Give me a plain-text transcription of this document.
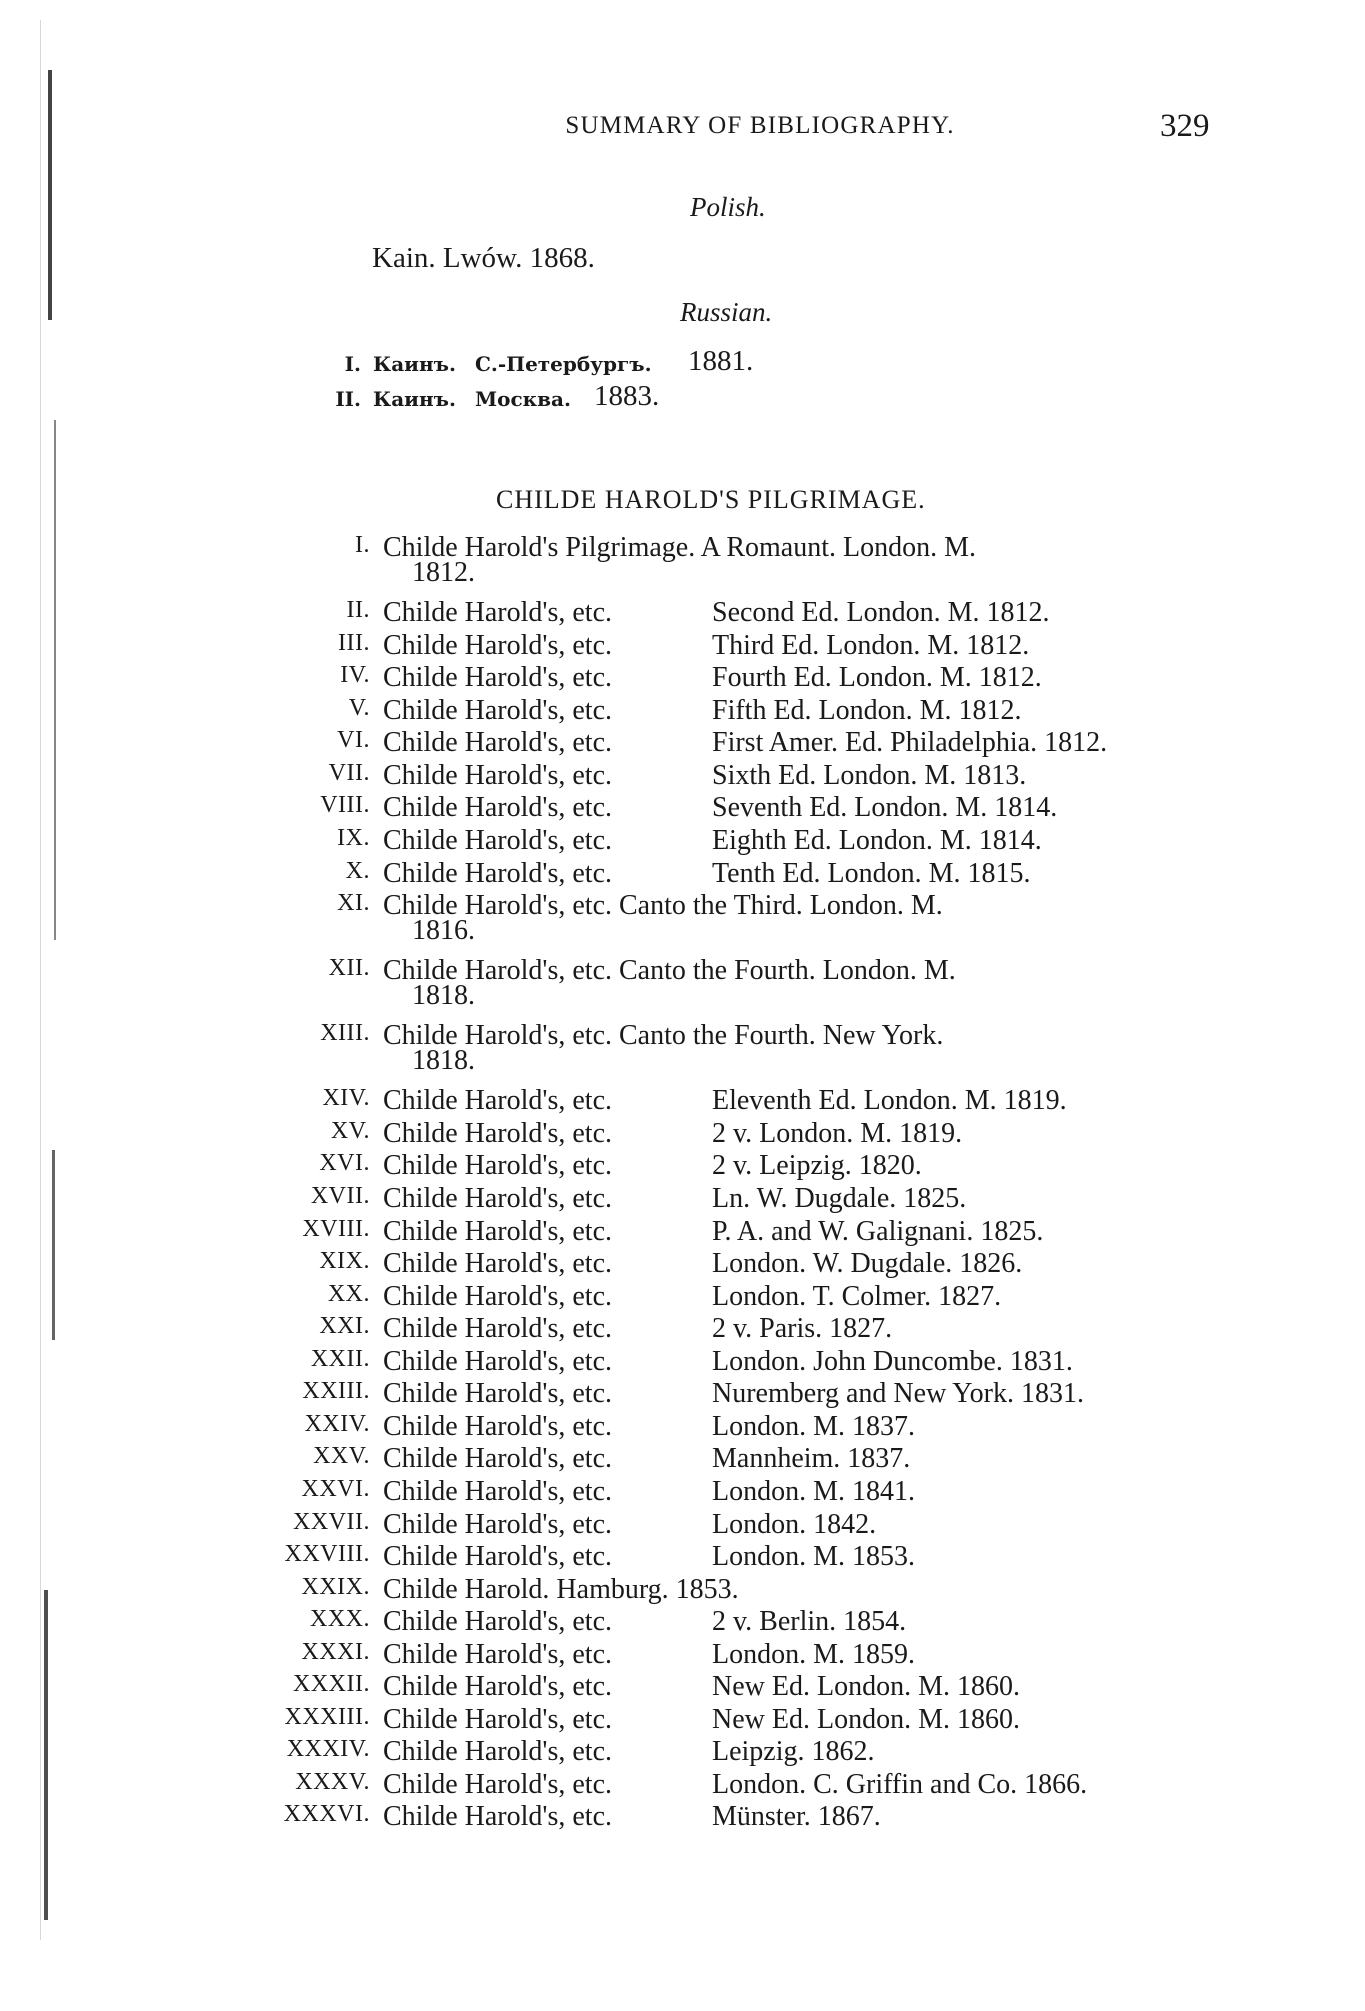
SUMMARY OF BIBLIOGRAPHY.	329
Polish.
Kain. Lwów. 1868.
Russian.
I. Каинъ. С.-Петербургъ. 1881.
II. Каинъ. Москва. 1883.
CHILDE HAROLD'S PILGRIMAGE.
I. Childe Harold's Pilgrimage. A Romaunt. London. M.
1812.
II. Childe Harold's, etc.	Second Ed. London. M. 1812.
III. Childe Harold's, etc.	Third Ed. London. M. 1812.
IV. Childe Harold's, etc.	Fourth Ed. London. M. 1812.
V. Childe Harold's, etc.	Fifth Ed. London. M. 1812.
VI. Childe Harold's, etc.	First Amer. Ed. Philadelphia. 1812.
VII. Childe Harold's, etc.	Sixth Ed. London. M. 1813.
VIII. Childe Harold's, etc.	Seventh Ed. London. M. 1814.
IX. Childe Harold's, etc.	Eighth Ed. London. M. 1814.
X. Childe Harold's, etc.	Tenth Ed. London. M. 1815.
XI. Childe Harold's, etc. Canto the Third. London. M.
1816.
XII. Childe Harold's, etc. Canto the Fourth. London. M.
1818.
XIII. Childe Harold's, etc. Canto the Fourth. New York.
1818.
XIV. Childe Harold's, etc.	Eleventh Ed. London. M. 1819.
XV. Childe Harold's, etc.	2 v. London. M. 1819.
XVI. Childe Harold's, etc.	2 v. Leipzig. 1820.
XVII. Childe Harold's, etc.	Ln. W. Dugdale. 1825.
XVIII. Childe Harold's, etc.	P. A. and W. Galignani. 1825.
XIX. Childe Harold's, etc.	London. W. Dugdale. 1826.
XX. Childe Harold's, etc.	London. T. Colmer. 1827.
XXI. Childe Harold's, etc.	2 v. Paris. 1827.
XXII. Childe Harold's, etc.	London. John Duncombe. 1831.
XXIII. Childe Harold's, etc.	Nuremberg and New York. 1831.
XXIV. Childe Harold's, etc.	London. M. 1837.
XXV. Childe Harold's, etc.	Mannheim. 1837.
XXVI. Childe Harold's, etc.	London. M. 1841.
XXVII. Childe Harold's, etc.	London. 1842.
XXVIII. Childe Harold's, etc.	London. M. 1853.
XXIX. Childe Harold. Hamburg. 1853.
XXX. Childe Harold's, etc.	2 v. Berlin. 1854.
XXXI. Childe Harold's, etc.	London. M. 1859.
XXXII. Childe Harold's, etc.	New Ed. London. M. 1860.
XXXIII. Childe Harold's, etc.	New Ed. London. M. 1860.
XXXIV. Childe Harold's, etc.	Leipzig. 1862.
XXXV. Childe Harold's, etc.	London. C. Griffin and Co. 1866.
XXXVI. Childe Harold's, etc.	Münster. 1867.
